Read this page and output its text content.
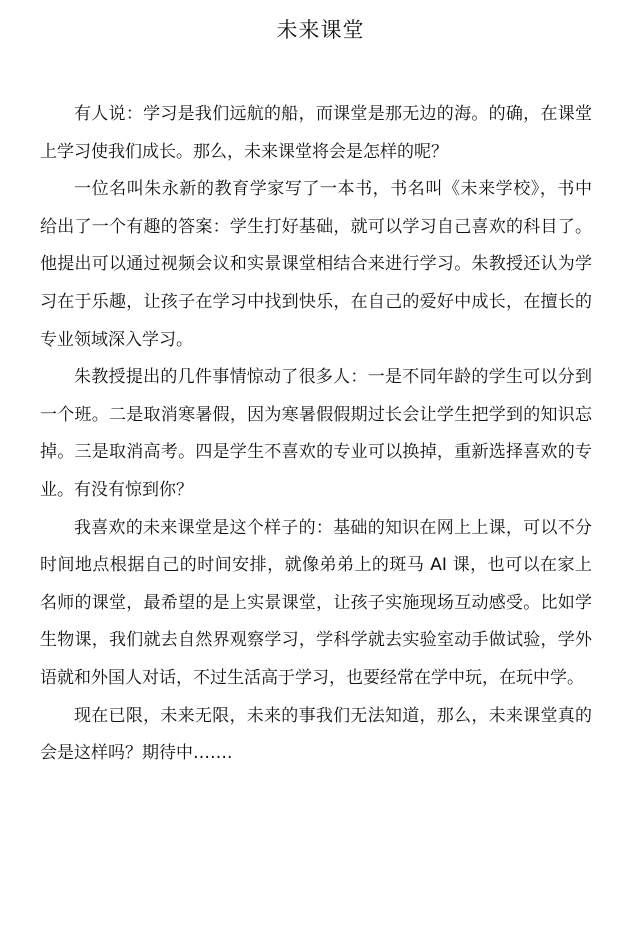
未来课堂

有人说：学习是我们远航的船，而课堂是那无边的海。的确，在课堂上学习使我们成长。那么，未来课堂将会是怎样的呢？

一位名叫朱永新的教育学家写了一本书，书名叫《未来学校》，书中给出了一个有趣的答案：学生打好基础，就可以学习自己喜欢的科目了。他提出可以通过视频会议和实景课堂相结合来进行学习。朱教授还认为学习在于乐趣，让孩子在学习中找到快乐，在自己的爱好中成长，在擅长的专业领域深入学习。

朱教授提出的几件事情惊动了很多人：一是不同年龄的学生可以分到一个班。二是取消寒暑假，因为寒暑假假期过长会让学生把学到的知识忘掉。三是取消高考。四是学生不喜欢的专业可以换掉，重新选择喜欢的专业。有没有惊到你？

我喜欢的未来课堂是这个样子的：基础的知识在网上上课，可以不分时间地点根据自己的时间安排，就像弟弟上的斑马 AI 课，也可以在家上名师的课堂，最希望的是上实景课堂，让孩子实施现场互动感受。比如学生物课，我们就去自然界观察学习，学科学就去实验室动手做试验，学外语就和外国人对话，不过生活高于学习，也要经常在学中玩，在玩中学。

现在已限，未来无限，未来的事我们无法知道，那么，未来课堂真的会是这样吗？期待中…….
